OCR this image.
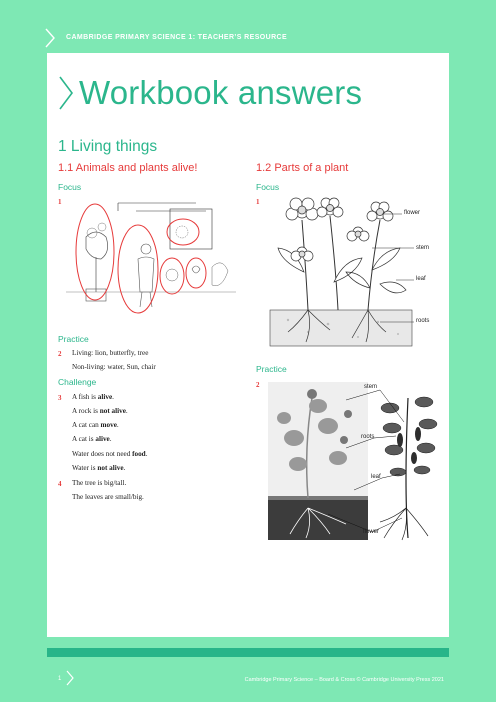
CAMBRIDGE PRIMARY SCIENCE 1: TEACHER’S RESOURCE
Workbook answers
1 Living things
1.1 Animals and plants alive!
Focus
1
Practice
2 Living: lion, butterfly, tree
Non-living: water, Sun, chair
Challenge
3 A fish is alive.
A rock is not alive.
A cat can move.
A cat is alive.
Water does not need food.
Water is not alive.
4 The tree is big/tall.
The leaves are small/big.
1.2 Parts of a plant
Focus
1
flower
stem
leaf
roots
Practice
2	stem
roots
leaf
flower
1	Cambridge Primary Science – Board & Cross © Cambridge University Press 2021
